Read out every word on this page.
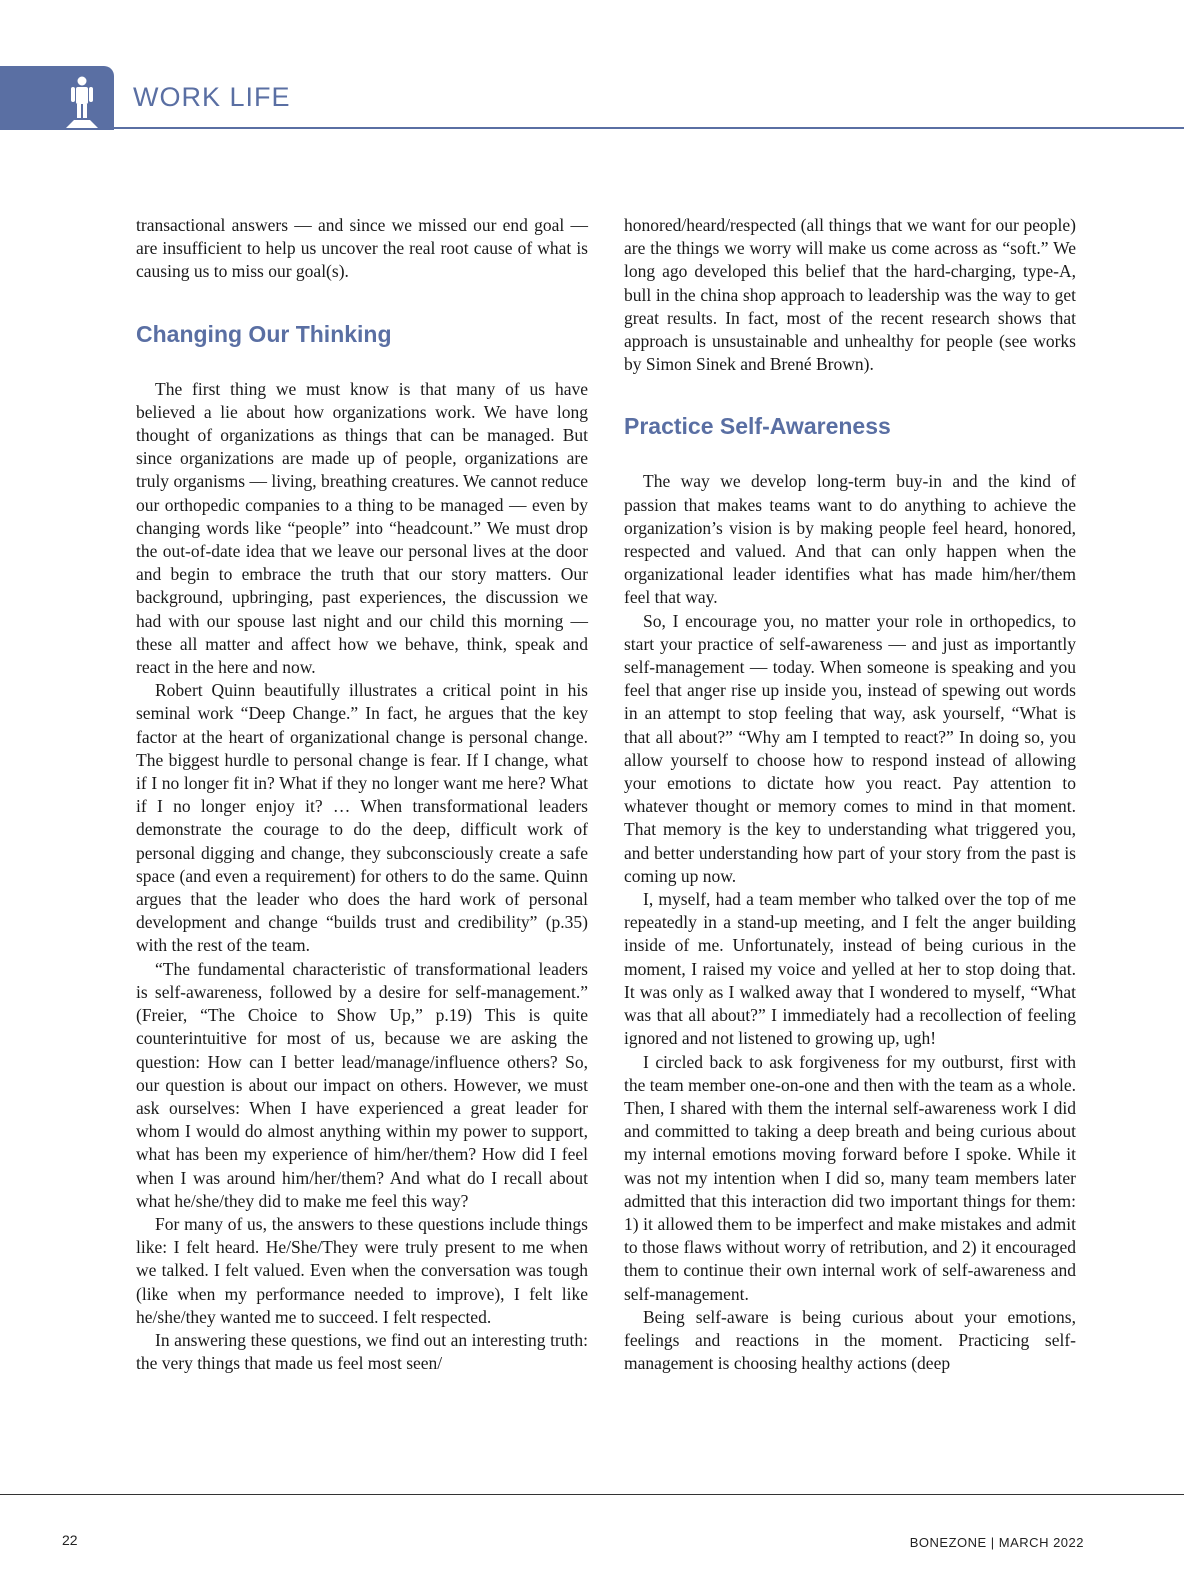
WORK LIFE

transactional answers — and since we missed our end goal — are insufficient to help us uncover the real root cause of what is causing us to miss our goal(s).

Changing Our Thinking

The first thing we must know is that many of us have believed a lie about how organizations work. We have long thought of organizations as things that can be managed. But since organizations are made up of people, organizations are truly organisms — living, breathing creatures. We cannot reduce our orthopedic companies to a thing to be managed — even by changing words like “people” into “headcount.” We must drop the out-of-date idea that we leave our personal lives at the door and begin to embrace the truth that our story matters. Our background, upbringing, past experiences, the discussion we had with our spouse last night and our child this morning — these all matter and affect how we behave, think, speak and react in the here and now.

Robert Quinn beautifully illustrates a critical point in his seminal work “Deep Change.” In fact, he argues that the key factor at the heart of organizational change is personal change. The biggest hurdle to personal change is fear. If I change, what if I no longer fit in? What if they no longer want me here? What if I no longer enjoy it? … When transformational leaders demonstrate the courage to do the deep, difficult work of personal digging and change, they subconsciously create a safe space (and even a requirement) for others to do the same. Quinn argues that the leader who does the hard work of personal development and change “builds trust and credibility” (p.35) with the rest of the team.

“The fundamental characteristic of transformational leaders is self-awareness, followed by a desire for self-management.” (Freier, “The Choice to Show Up,” p.19) This is quite counterintuitive for most of us, because we are asking the question: How can I better lead/manage/influence others? So, our question is about our impact on others. However, we must ask ourselves: When I have experienced a great leader for whom I would do almost anything within my power to support, what has been my experience of him/her/them? How did I feel when I was around him/her/them? And what do I recall about what he/she/they did to make me feel this way?

For many of us, the answers to these questions include things like: I felt heard. He/She/They were truly present to me when we talked. I felt valued. Even when the conversation was tough (like when my performance needed to improve), I felt like he/she/they wanted me to succeed. I felt respected.

In answering these questions, we find out an interesting truth: the very things that made us feel most seen/

honored/heard/respected (all things that we want for our people) are the things we worry will make us come across as “soft.” We long ago developed this belief that the hard-charging, type-A, bull in the china shop approach to leadership was the way to get great results. In fact, most of the recent research shows that approach is unsustainable and unhealthy for people (see works by Simon Sinek and Brené Brown).

Practice Self-Awareness

The way we develop long-term buy-in and the kind of passion that makes teams want to do anything to achieve the organization’s vision is by making people feel heard, honored, respected and valued. And that can only happen when the organizational leader identifies what has made him/her/them feel that way.

So, I encourage you, no matter your role in orthopedics, to start your practice of self-awareness — and just as importantly self-management — today. When someone is speaking and you feel that anger rise up inside you, instead of spewing out words in an attempt to stop feeling that way, ask yourself, “What is that all about?” “Why am I tempted to react?” In doing so, you allow yourself to choose how to respond instead of allowing your emotions to dictate how you react. Pay attention to whatever thought or memory comes to mind in that moment. That memory is the key to understanding what triggered you, and better understanding how part of your story from the past is coming up now.

I, myself, had a team member who talked over the top of me repeatedly in a stand-up meeting, and I felt the anger building inside of me. Unfortunately, instead of being curious in the moment, I raised my voice and yelled at her to stop doing that. It was only as I walked away that I wondered to myself, “What was that all about?” I immediately had a recollection of feeling ignored and not listened to growing up, ugh!

I circled back to ask forgiveness for my outburst, first with the team member one-on-one and then with the team as a whole. Then, I shared with them the internal self-awareness work I did and committed to taking a deep breath and being curious about my internal emotions moving forward before I spoke. While it was not my intention when I did so, many team members later admitted that this interaction did two important things for them: 1) it allowed them to be imperfect and make mistakes and admit to those flaws without worry of retribution, and 2) it encouraged them to continue their own internal work of self-awareness and self-management.

Being self-aware is being curious about your emotions, feelings and reactions in the moment. Practicing self-management is choosing healthy actions (deep

22	BONEZONE | MARCH 2022
